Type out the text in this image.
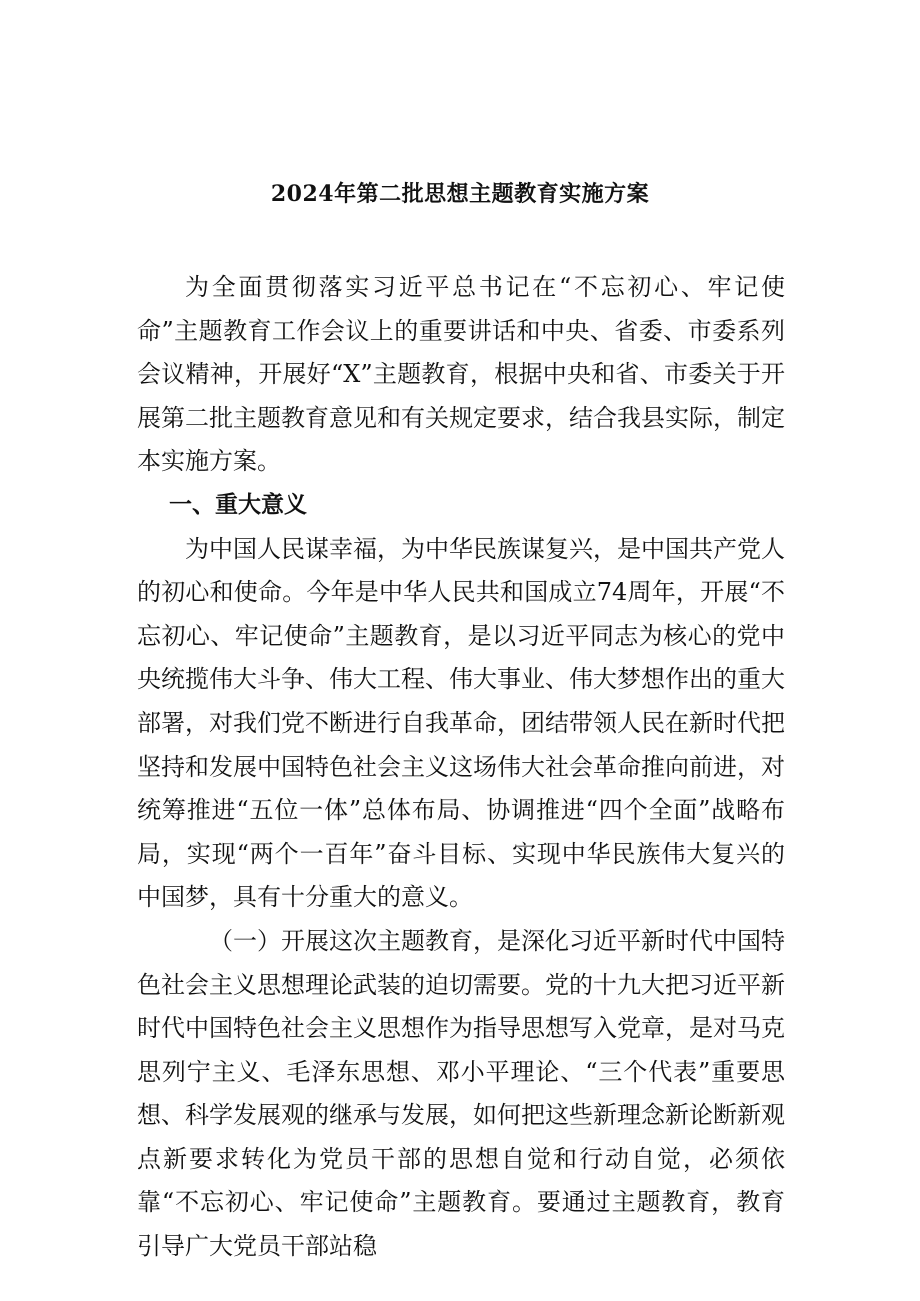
2024年第二批思想主题教育实施方案

为全面贯彻落实习近平总书记在“不忘初心、牢记使命”主题教育工作会议上的重要讲话和中央、省委、市委系列会议精神，开展好“X”主题教育，根据中央和省、市委关于开展第二批主题教育意见和有关规定要求，结合我县实际，制定本实施方案。

一、重大意义

为中国人民谋幸福，为中华民族谋复兴，是中国共产党人的初心和使命。今年是中华人民共和国成立74周年，开展“不忘初心、牢记使命”主题教育，是以习近平同志为核心的党中央统揽伟大斗争、伟大工程、伟大事业、伟大梦想作出的重大部署，对我们党不断进行自我革命，团结带领人民在新时代把坚持和发展中国特色社会主义这场伟大社会革命推向前进，对统筹推进“五位一体”总体布局、协调推进“四个全面”战略布局，实现“两个一百年”奋斗目标、实现中华民族伟大复兴的中国梦，具有十分重大的意义。

（一）开展这次主题教育，是深化习近平新时代中国特色社会主义思想理论武装的迫切需要。党的十九大把习近平新时代中国特色社会主义思想作为指导思想写入党章，是对马克思列宁主义、毛泽东思想、邓小平理论、“三个代表”重要思想、科学发展观的继承与发展，如何把这些新理念新论断新观点新要求转化为党员干部的思想自觉和行动自觉，必须依靠“不忘初心、牢记使命”主题教育。要通过主题教育，教育引导广大党员干部站稳
